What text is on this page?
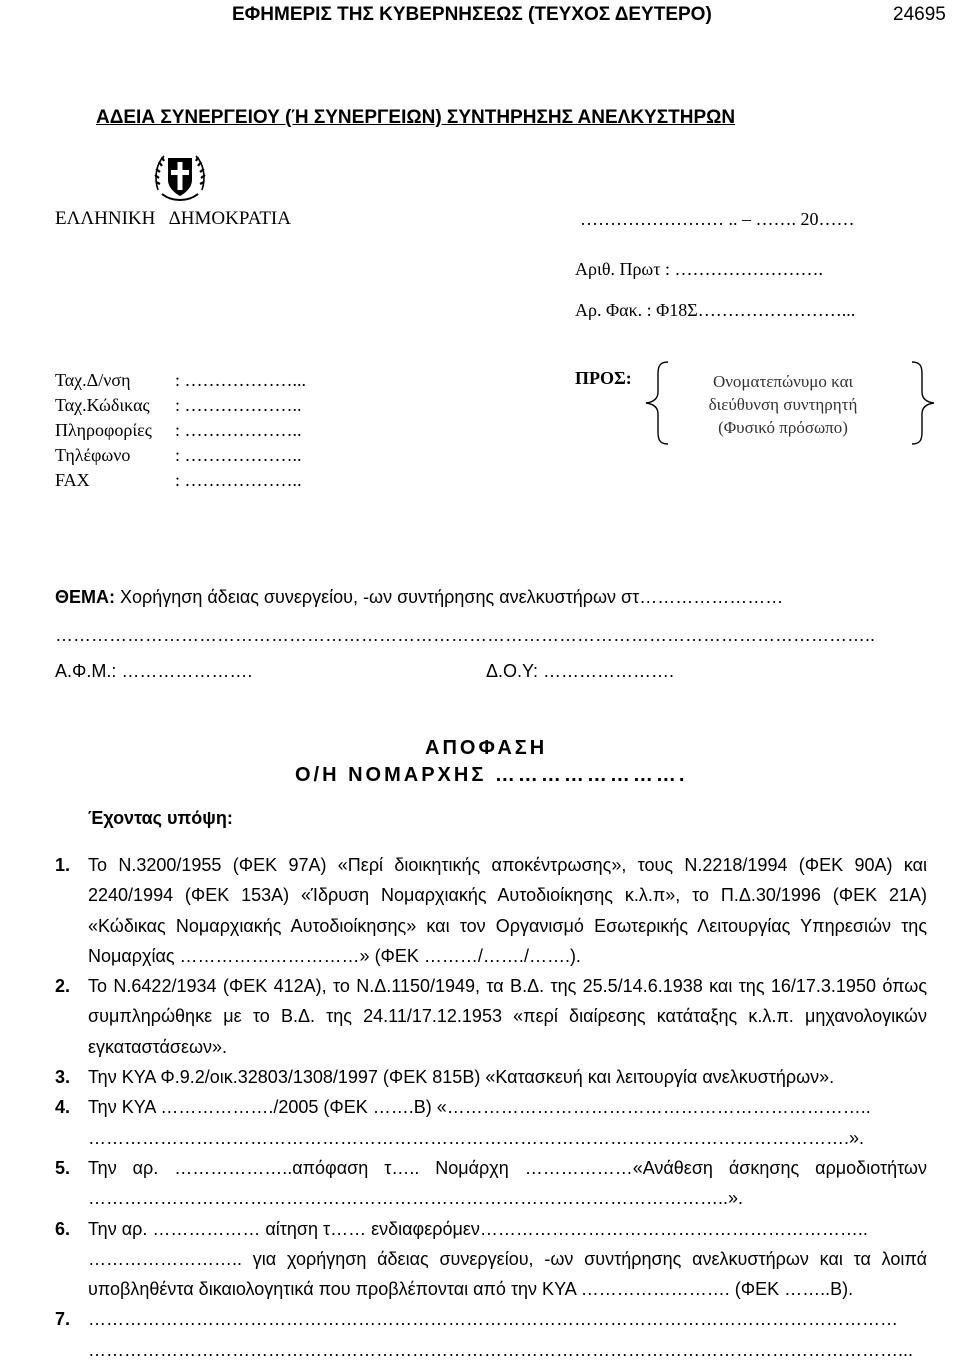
ΕΦΗΜΕΡΙΣ ΤΗΣ ΚΥΒΕΡΝΗΣΕΩΣ (ΤΕΥΧΟΣ ΔΕΥΤΕΡΟ)	24695
ΑΔΕΙΑ ΣΥΝΕΡΓΕΙΟΥ (Ή ΣΥΝΕΡΓΕΙΩΝ) ΣΥΝΤΗΡΗΣΗΣ ΑΝΕΛΚΥΣΤΗΡΩΝ
ΕΛΛΗΝΙΚΗ   ΔΗΜΟΚΡΑΤΙΑ	…………………… .. – ……. 20……
Αριθ. Πρωτ : …………………….
Αρ. Φακ. : Φ18Σ……………………...
Ταχ.Δ/νση	: ………………...
Ταχ.Κώδικας	: ………………..
Πληροφορίες	: ………………..
Τηλέφωνο	: ………………..
FAX	: ………………..
ΠΡΟΣ:	Ονοματεπώνυμο και
διεύθυνση συντηρητή
(Φυσικό πρόσωπο)
ΘΕΜΑ: Χορήγηση άδειας συνεργείου, -ων συντήρησης ανελκυστήρων στ……………………
………………………………………………………………………………………………………………………..
Α.Φ.Μ.: ………………….	Δ.Ο.Υ: ………………….
ΑΠΟΦΑΣΗ
Ο/Η ΝΟΜΑΡΧΗΣ …………………….
Έχοντας υπόψη:
1. Το Ν.3200/1955 (ΦΕΚ 97Α) «Περί διοικητικής αποκέντρωσης», τους Ν.2218/1994 (ΦΕΚ 90Α) και 2240/1994 (ΦΕΚ 153Α) «Ίδρυση Νομαρχιακής Αυτοδιοίκησης κ.λ.π», το Π.Δ.30/1996 (ΦΕΚ 21Α) «Κώδικας Νομαρχιακής Αυτοδιοίκησης» και τον Οργανισμό Εσωτερικής Λειτουργίας Υπηρεσιών της Νομαρχίας …………………………» (ΦΕΚ ………/……./…….).
2. Το Ν.6422/1934 (ΦΕΚ 412Α), το Ν.Δ.1150/1949, τα Β.Δ. της 25.5/14.6.1938 και της 16/17.3.1950 όπως συμπληρώθηκε με το Β.Δ. της 24.11/17.12.1953 «περί διαίρεσης κατάταξης κ.λ.π. μηχανολογικών εγκαταστάσεων».
3. Την ΚΥΑ Φ.9.2/οικ.32803/1308/1997 (ΦΕΚ 815Β) «Κατασκευή και λειτουργία ανελκυστήρων».
4. Την ΚΥΑ ………………./2005 (ΦΕΚ …….Β) «……………………………………………………………..
……………………………………………………………………………………………………………….».
5. Την αρ. ………………..απόφαση τ….. Νομάρχη ………………«Ανάθεση άσκησης αρμοδιοτήτων ……………………………………………………………………………………………..».
6. Την αρ. ……………… αίτηση τ…… ενδιαφερόμεν………………………………………………………..
…………………….. για χορήγηση άδειας συνεργείου, -ων συντήρησης ανελκυστήρων και τα λοιπά υποβληθέντα δικαιολογητικά που προβλέπονται από την ΚΥΑ ……………………. (ΦΕΚ ……..Β).
7. ………………………………………………………………………………………………………………………
………………………………………………………………………………………………………………………...
